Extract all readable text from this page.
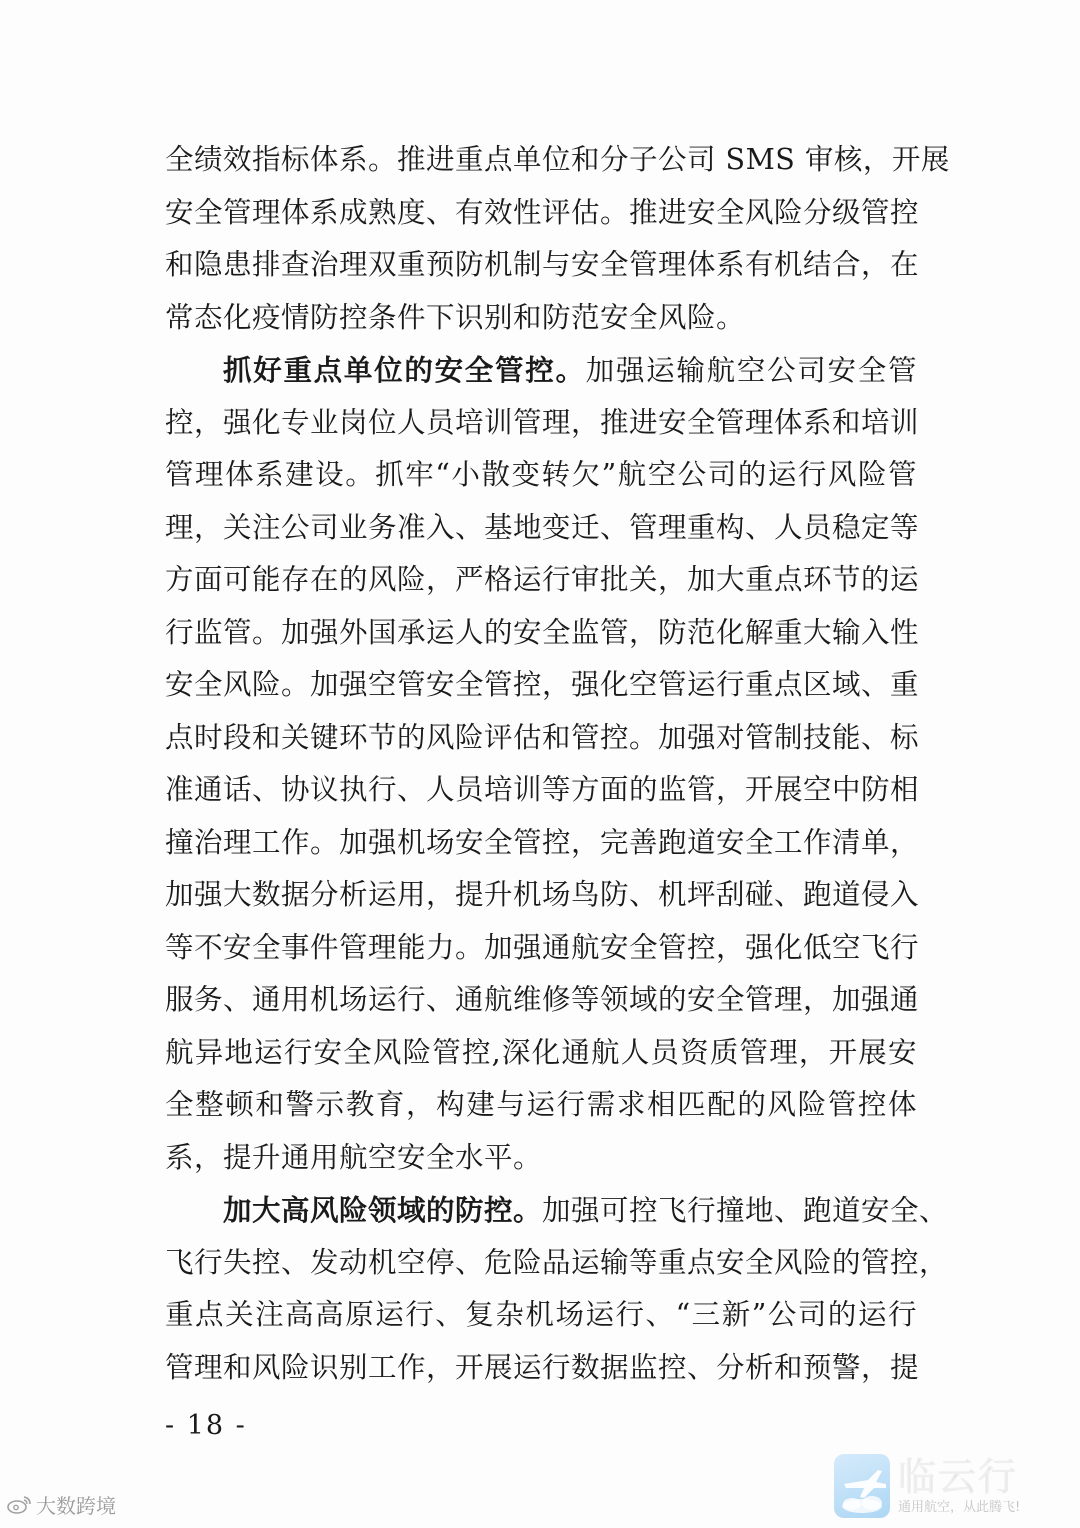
全绩效指标体系。推进重点单位和分子公司 SMS 审核，开展
安全管理体系成熟度、有效性评估。推进安全风险分级管控
和隐患排查治理双重预防机制与安全管理体系有机结合，在
常态化疫情防控条件下识别和防范安全风险。
抓好重点单位的安全管控。加强运输航空公司安全管
控，强化专业岗位人员培训管理，推进安全管理体系和培训
管理体系建设。抓牢“小散变转欠”航空公司的运行风险管
理，关注公司业务准入、基地变迁、管理重构、人员稳定等
方面可能存在的风险，严格运行审批关，加大重点环节的运
行监管。加强外国承运人的安全监管，防范化解重大输入性
安全风险。加强空管安全管控，强化空管运行重点区域、重
点时段和关键环节的风险评估和管控。加强对管制技能、标
准通话、协议执行、人员培训等方面的监管，开展空中防相
撞治理工作。加强机场安全管控，完善跑道安全工作清单，
加强大数据分析运用，提升机场鸟防、机坪刮碰、跑道侵入
等不安全事件管理能力。加强通航安全管控，强化低空飞行
服务、通用机场运行、通航维修等领域的安全管理，加强通
航异地运行安全风险管控,深化通航人员资质管理，开展安
全整顿和警示教育，构建与运行需求相匹配的风险管控体
系，提升通用航空安全水平。
加大高风险领域的防控。加强可控飞行撞地、跑道安全、
飞行失控、发动机空停、危险品运输等重点安全风险的管控，
重点关注高高原运行、复杂机场运行、“三新”公司的运行
管理和风险识别工作，开展运行数据监控、分析和预警，提
- 18 -
大数跨境
临云行
通用航空，从此腾飞!
